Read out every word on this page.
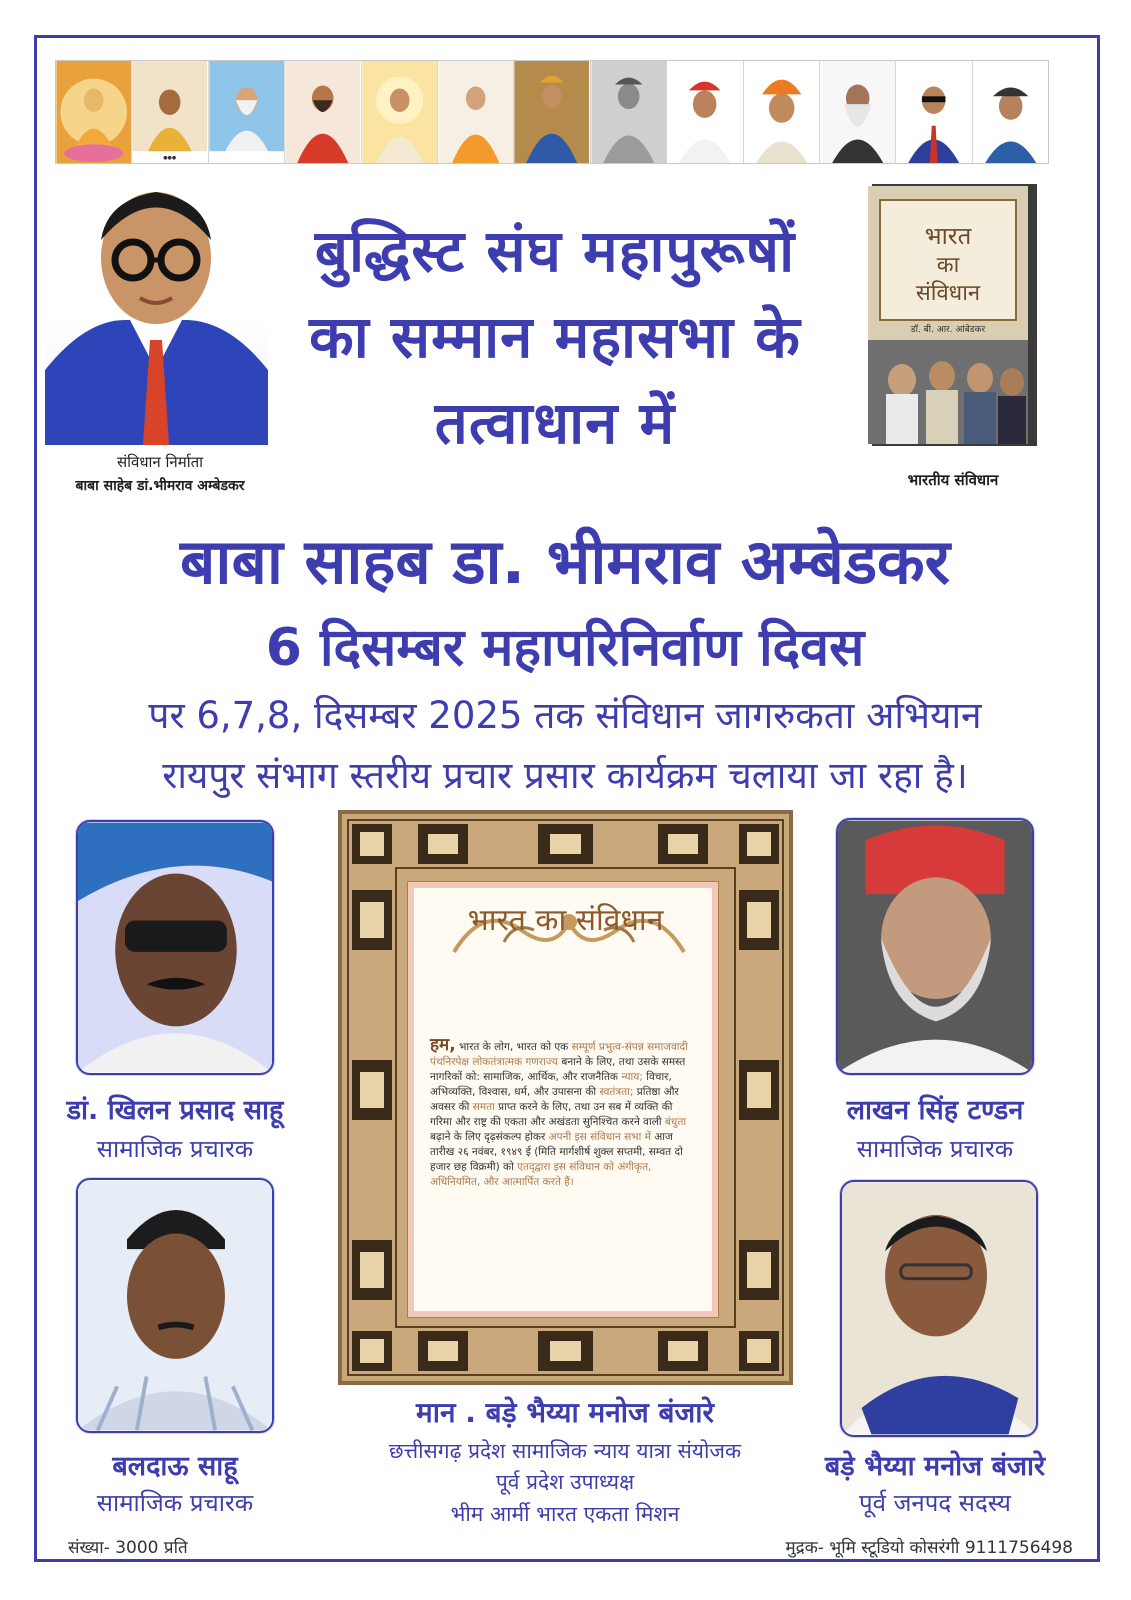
●●●
संविधान निर्माता
बाबा साहेब डां.भीमराव अम्बेडकर
भारत
का
संविधान
डॉ. बी. आर. आंबेडकर
भारतीय संविधान
बुद्धिस्ट संघ महापुरूषों
का सम्मान महासभा के
तत्वाधान में
बाबा साहब डा. भीमराव अम्बेडकर
6 दिसम्बर महापरिनिर्वाण दिवस
पर 6,7,8, दिसम्बर 2025 तक संविधान जागरुकता अभियान
रायपुर संभाग स्तरीय प्रचार प्रसार कार्यक्रम चलाया जा रहा है।
डां. खिलन प्रसाद साहू
सामाजिक प्रचारक
लाखन सिंह टण्डन
सामाजिक प्रचारक
बलदाऊ साहू
सामाजिक प्रचारक
बड़े भैय्या मनोज बंजारे
पूर्व जनपद सदस्य
भारत का संविधान
हम, भारत के लोग, भारत को एक सम्पूर्ण प्रभुत्व-संपन्न समाजवादी पंथनिरपेक्ष लोकतंत्रात्मक गणराज्य बनाने के लिए, तथा उसके समस्त नागरिकों को: सामाजिक, आर्थिक, और राजनैतिक न्याय; विचार, अभिव्यक्ति, विश्वास, धर्म, और उपासना की स्वतंत्रता; प्रतिष्ठा और अवसर की समता प्राप्त करने के लिए, तथा उन सब में व्यक्ति की गरिमा और राष्ट्र की एकता और अखंडता सुनिश्चित करने वाली बंधुता बढ़ाने के लिए दृढ़संकल्प होकर अपनी इस संविधान सभा में आज तारीख २६ नवंबर, १९४९ ई (मिति मार्गशीर्ष शुक्ल सप्तमी, सम्वत दो हजार छह विक्रमी) को एतद्‌द्वारा इस संविधान को अंगीकृत, अधिनियमित, और आत्मार्पित करते हैं।
मान . बड़े भैय्या मनोज बंजारे
छत्तीसगढ़ प्रदेश सामाजिक न्याय यात्रा संयोजक
पूर्व प्रदेश उपाध्यक्ष
भीम आर्मी भारत एकता मिशन
संख्या- 3000 प्रति	मुद्रक- भूमि स्टूडियो कोसरंगी 9111756498
